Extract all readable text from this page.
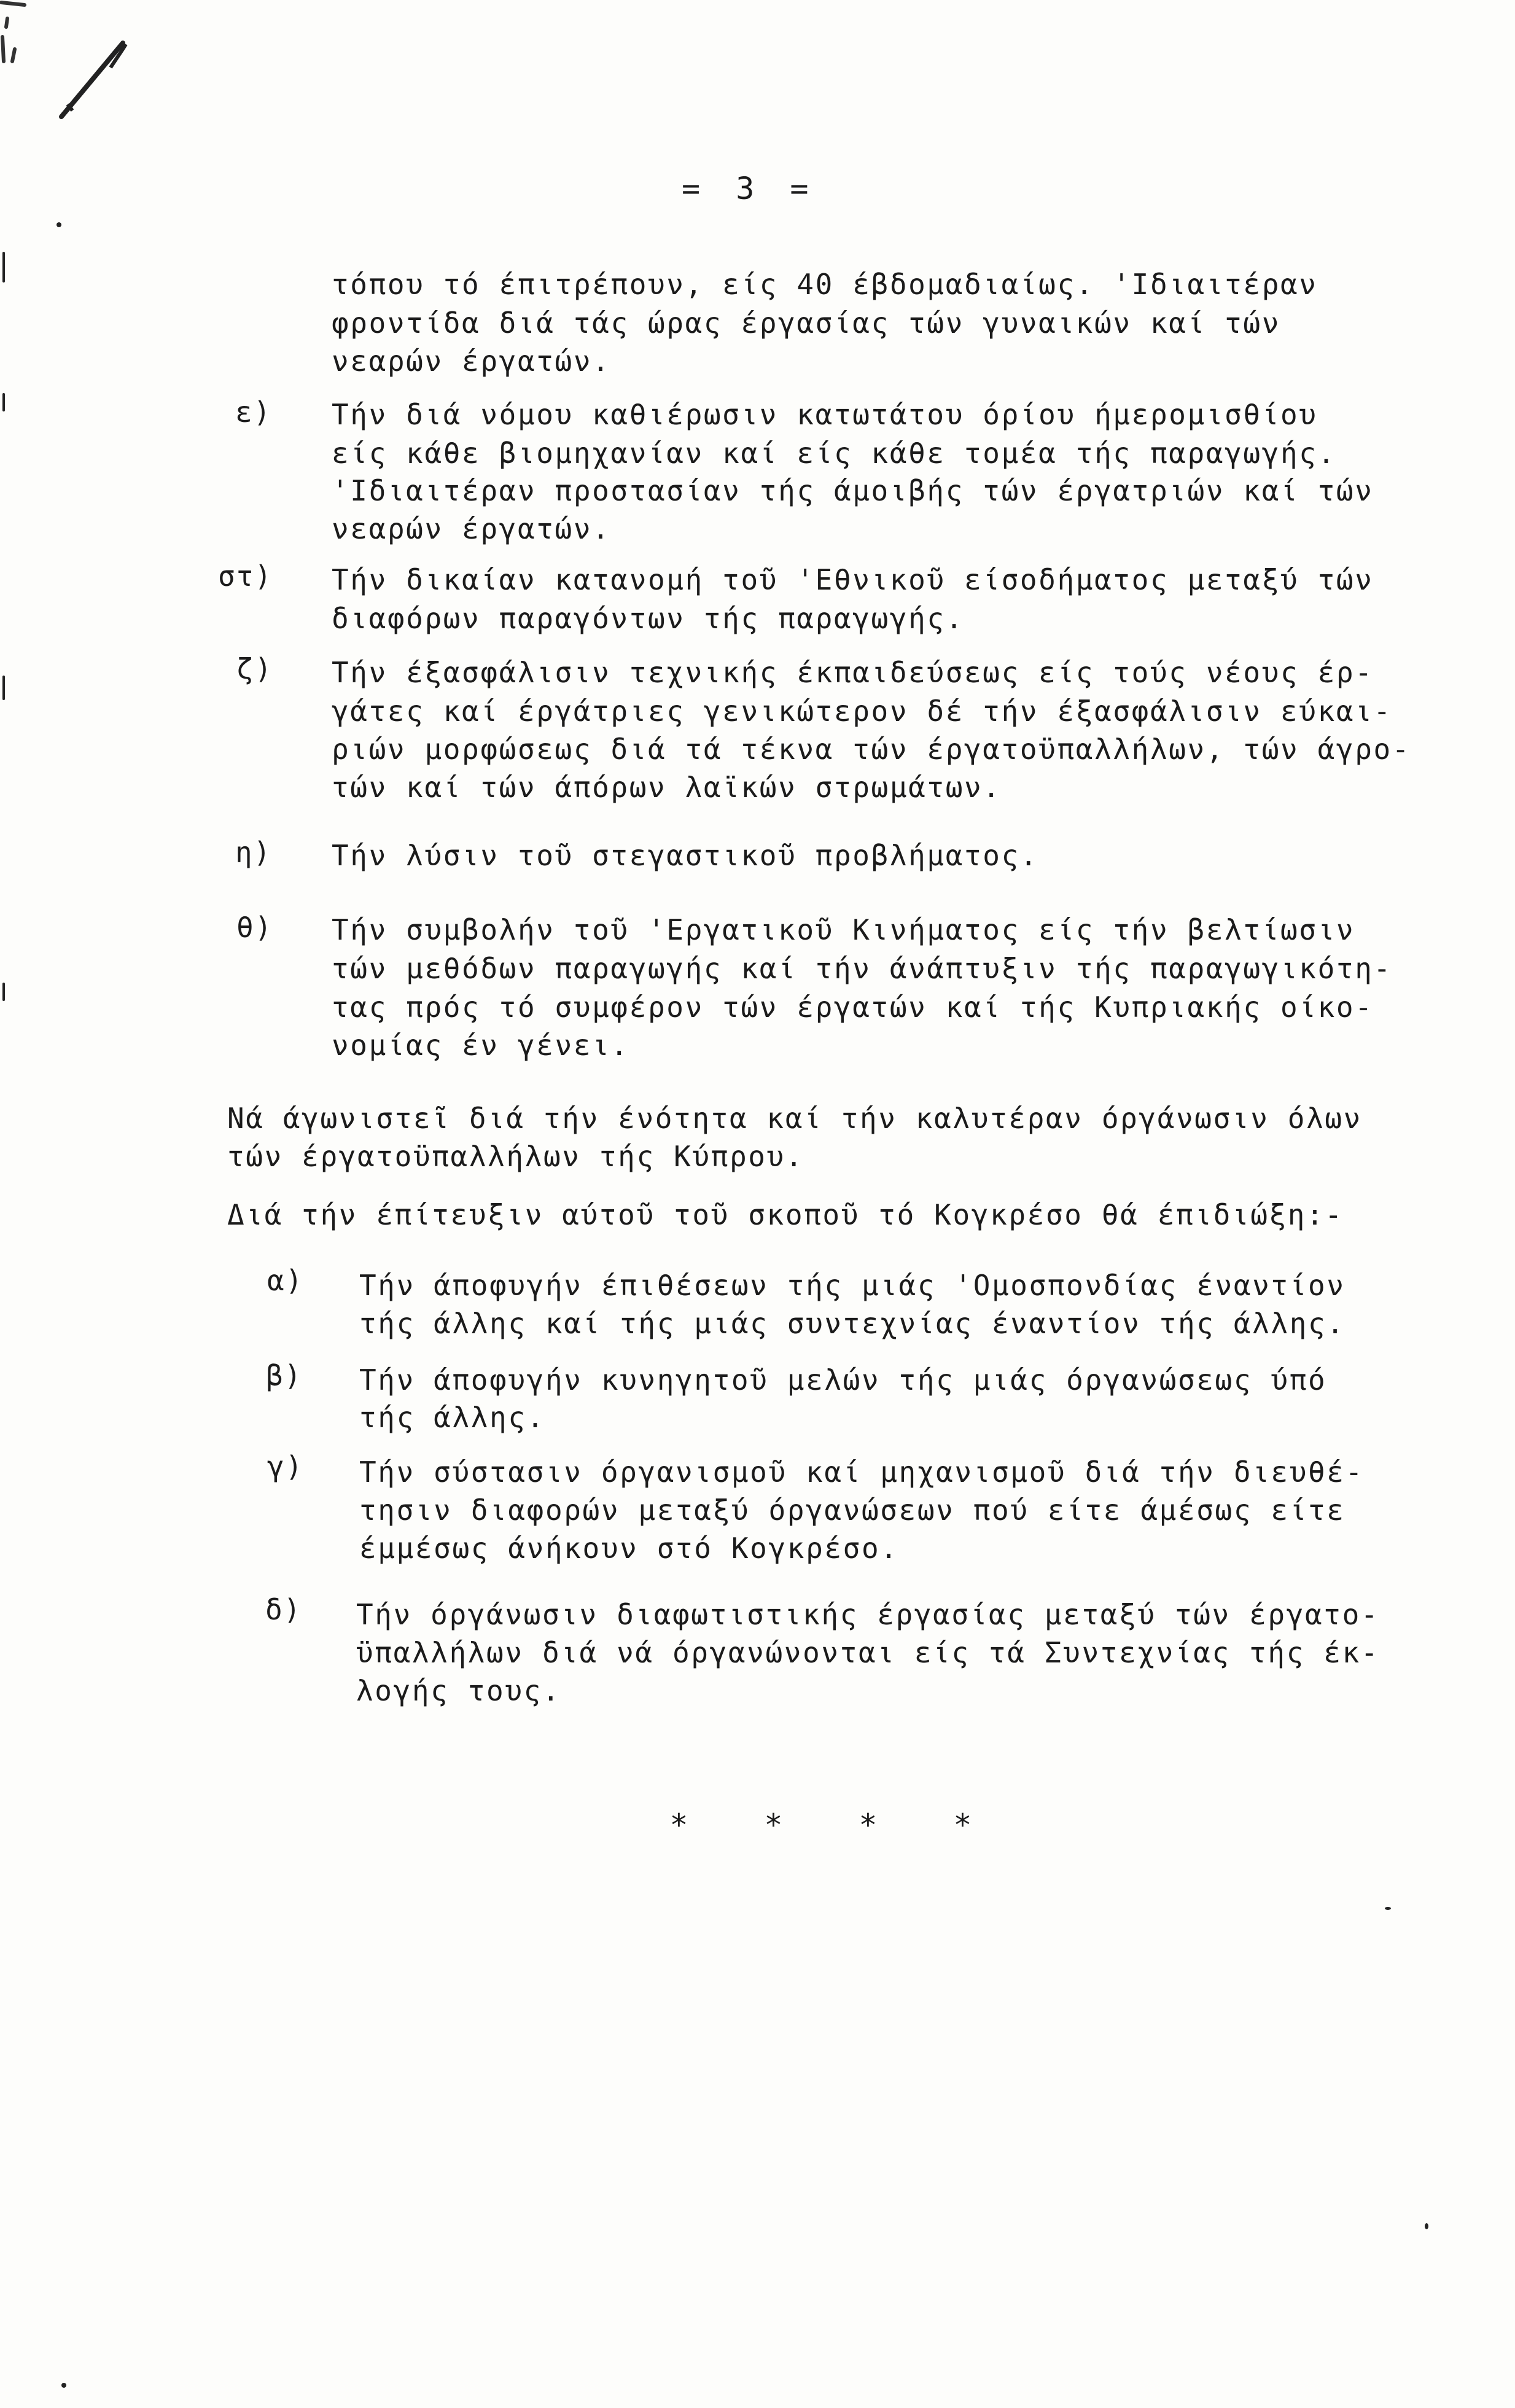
= 3 =
τόπου τό έπιτρέπουν, είς 40 έβδομαδιαίως. 'Ιδιαιτέραν
φροντίδα διά τάς ώρας έργασίας τών γυναικών καί τών
νεαρών έργατών.
ε) Τήν διά νόμου καθιέρωσιν κατωτάτου όρίου ήμερομισθίου
είς κάθε βιομηχανίαν καί είς κάθε τομέα τής παραγωγής.
'Ιδιαιτέραν προστασίαν τής άμοιβής τών έργατριών καί τών
νεαρών έργατών.
στ) Τήν δικαίαν κατανομή τοῦ 'Εθνικοῦ είσοδήματος μεταξύ τών
διαφόρων παραγόντων τής παραγωγής.
ζ) Τήν έξασφάλισιν τεχνικής έκπαιδεύσεως είς τούς νέους έρ-
γάτες καί έργάτριες γενικώτερον δέ τήν έξασφάλισιν εύκαι-
ριών μορφώσεως διά τά τέκνα τών έργατοϋπαλλήλων, τών άγρο-
τών καί τών άπόρων λαϊκών στρωμάτων.
η) Τήν λύσιν τοῦ στεγαστικοῦ προβλήματος.
θ) Τήν συμβολήν τοῦ 'Εργατικοῦ Κινήματος είς τήν βελτίωσιν
τών μεθόδων παραγωγής καί τήν άνάπτυξιν τής παραγωγικότη-
τας πρός τό συμφέρον τών έργατών καί τής Κυπριακής οίκο-
νομίας έν γένει.
Νά άγωνιστεῖ διά τήν ένότητα καί τήν καλυτέραν όργάνωσιν όλων
τών έργατοϋπαλλήλων τής Κύπρου.
Διά τήν έπίτευξιν αύτοῦ τοῦ σκοποῦ τό Κογκρέσο θά έπιδιώξη:-
α) Τήν άποφυγήν έπιθέσεων τής μιάς 'Ομοσπονδίας έναντίον
τής άλλης καί τής μιάς συντεχνίας έναντίον τής άλλης.
β) Τήν άποφυγήν κυνηγητοῦ μελών τής μιάς όργανώσεως ύπό
τής άλλης.
γ) Τήν σύστασιν όργανισμοῦ καί μηχανισμοῦ διά τήν διευθέ-
τησιν διαφορών μεταξύ όργανώσεων πού είτε άμέσως είτε
έμμέσως άνήκουν στό Κογκρέσο.
δ) Τήν όργάνωσιν διαφωτιστικής έργασίας μεταξύ τών έργατο-
ϋπαλλήλων διά νά όργανώνονται είς τά Συντεχνίας τής έκ-
λογής τους.

* * * *
